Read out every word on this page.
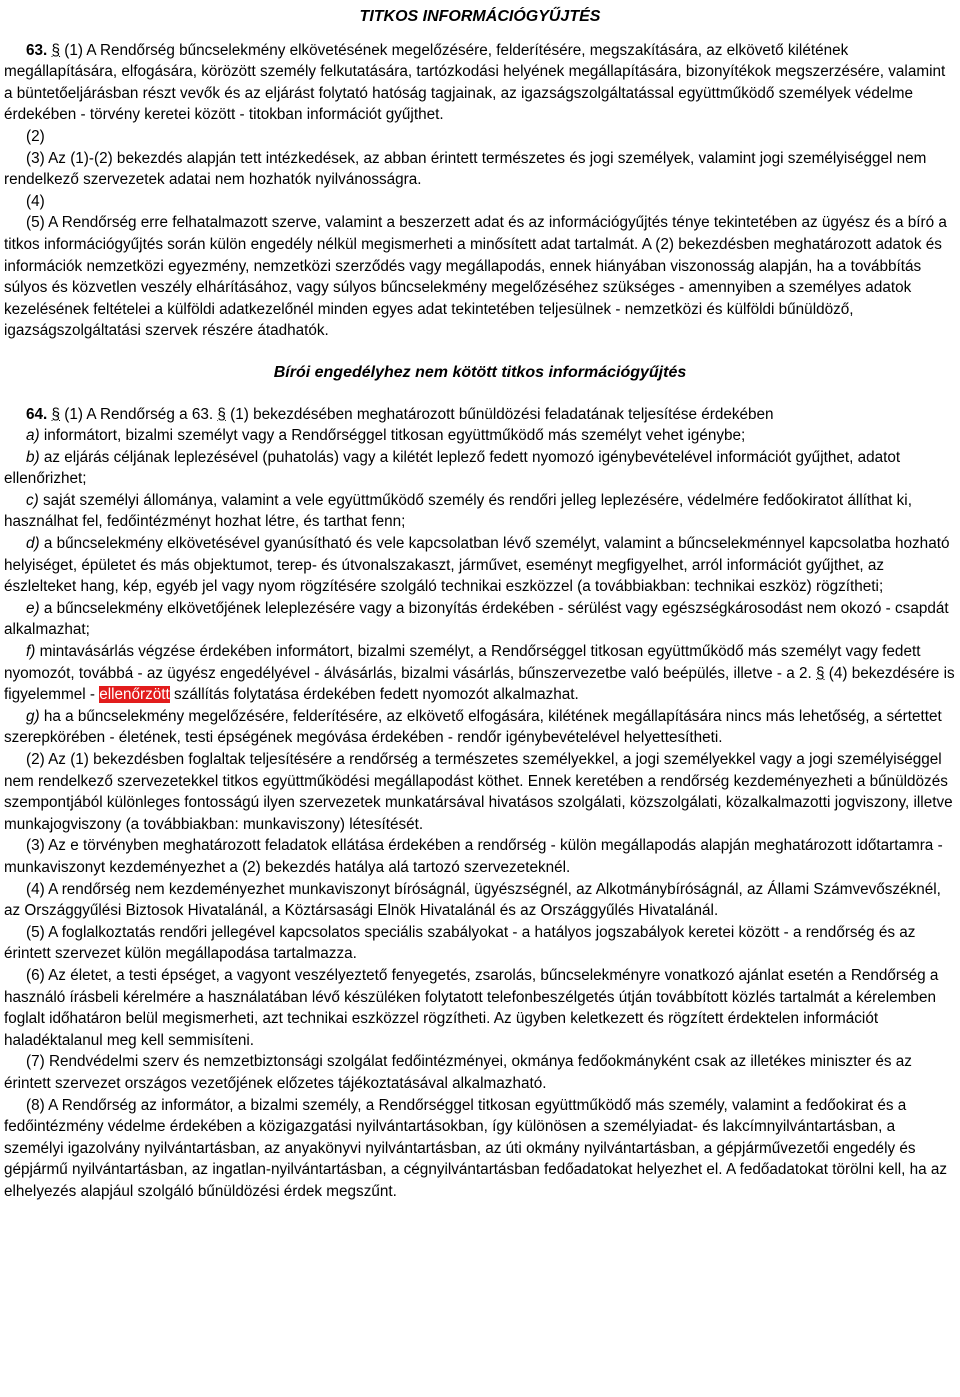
TITKOS INFORMÁCIÓGYŰJTÉS

63. § (1) A Rendőrség bűncselekmény elkövetésének megelőzésére, felderítésére, megszakítására, az elkövető kilétének megállapítására, elfogására, körözött személy felkutatására, tartózkodási helyének megállapítására, bizonyítékok megszerzésére, valamint a büntetőeljárásban részt vevők és az eljárást folytató hatóság tagjainak, az igazságszolgáltatással együttműködő személyek védelme érdekében - törvény keretei között - titokban információt gyűjthet.

(2)

(3) Az (1)-(2) bekezdés alapján tett intézkedések, az abban érintett természetes és jogi személyek, valamint jogi személyiséggel nem rendelkező szervezetek adatai nem hozhatók nyilvánosságra.

(4)

(5) A Rendőrség erre felhatalmazott szerve, valamint a beszerzett adat és az információgyűjtés ténye tekintetében az ügyész és a bíró a titkos információgyűjtés során külön engedély nélkül megismerheti a minősített adat tartalmát. A (2) bekezdésben meghatározott adatok és információk nemzetközi egyezmény, nemzetközi szerződés vagy megállapodás, ennek hiányában viszonosság alapján, ha a továbbítás súlyos és közvetlen veszély elhárításához, vagy súlyos bűncselekmény megelőzéséhez szükséges - amennyiben a személyes adatok kezelésének feltételei a külföldi adatkezelőnél minden egyes adat tekintetében teljesülnek - nemzetközi és külföldi bűnüldöző, igazságszolgáltatási szervek részére átadhatók.

Bírói engedélyhez nem kötött titkos információgyűjtés

64. § (1) A Rendőrség a 63. § (1) bekezdésében meghatározott bűnüldözési feladatának teljesítése érdekében

a) informátort, bizalmi személyt vagy a Rendőrséggel titkosan együttműködő más személyt vehet igénybe;

b) az eljárás céljának leplezésével (puhatolás) vagy a kilétét leplező fedett nyomozó igénybevételével információt gyűjthet, adatot ellenőrizhet;

c) saját személyi állománya, valamint a vele együttműködő személy és rendőri jelleg leplezésére, védelmére fedőokiratot állíthat ki, használhat fel, fedőintézményt hozhat létre, és tarthat fenn;

d) a bűncselekmény elkövetésével gyanúsítható és vele kapcsolatban lévő személyt, valamint a bűncselekménnyel kapcsolatba hozható helyiséget, épületet és más objektumot, terep- és útvonalszakaszt, járművet, eseményt megfigyelhet, arról információt gyűjthet, az észlelteket hang, kép, egyéb jel vagy nyom rögzítésére szolgáló technikai eszközzel (a továbbiakban: technikai eszköz) rögzítheti;

e) a bűncselekmény elkövetőjének leleplezésére vagy a bizonyítás érdekében - sérülést vagy egészségkárosodást nem okozó - csapdát alkalmazhat;

f) mintavásárlás végzése érdekében informátort, bizalmi személyt, a Rendőrséggel titkosan együttműködő más személyt vagy fedett nyomozót, továbbá - az ügyész engedélyével - álvásárlás, bizalmi vásárlás, bűnszervezetbe való beépülés, illetve - a 2. § (4) bekezdésére is figyelemmel - ellenőrzött szállítás folytatása érdekében fedett nyomozót alkalmazhat.

g) ha a bűncselekmény megelőzésére, felderítésére, az elkövető elfogására, kilétének megállapítására nincs más lehetőség, a sértettet szerepkörében - életének, testi épségének megóvása érdekében - rendőr igénybevételével helyettesítheti.

(2) Az (1) bekezdésben foglaltak teljesítésére a rendőrség a természetes személyekkel, a jogi személyekkel vagy a jogi személyiséggel nem rendelkező szervezetekkel titkos együttműködési megállapodást köthet. Ennek keretében a rendőrség kezdeményezheti a bűnüldözés szempontjából különleges fontosságú ilyen szervezetek munkatársával hivatásos szolgálati, közszolgálati, közalkalmazotti jogviszony, illetve munkajogviszony (a továbbiakban: munkaviszony) létesítését.

(3) Az e törvényben meghatározott feladatok ellátása érdekében a rendőrség - külön megállapodás alapján meghatározott időtartamra - munkaviszonyt kezdeményezhet a (2) bekezdés hatálya alá tartozó szervezeteknél.

(4) A rendőrség nem kezdeményezhet munkaviszonyt bíróságnál, ügyészségnél, az Alkotmánybíróságnál, az Állami Számvevőszéknél, az Országgyűlési Biztosok Hivatalánál, a Köztársasági Elnök Hivatalánál és az Országgyűlés Hivatalánál.

(5) A foglalkoztatás rendőri jellegével kapcsolatos speciális szabályokat - a hatályos jogszabályok keretei között - a rendőrség és az érintett szervezet külön megállapodása tartalmazza.

(6) Az életet, a testi épséget, a vagyont veszélyeztető fenyegetés, zsarolás, bűncselekményre vonatkozó ajánlat esetén a Rendőrség a használó írásbeli kérelmére a használatában lévő készüléken folytatott telefonbeszélgetés útján továbbított közlés tartalmát a kérelemben foglalt időhatáron belül megismerheti, azt technikai eszközzel rögzítheti. Az ügyben keletkezett és rögzített érdektelen információt haladéktalanul meg kell semmisíteni.

(7) Rendvédelmi szerv és nemzetbiztonsági szolgálat fedőintézményei, okmánya fedőokmányként csak az illetékes miniszter és az érintett szervezet országos vezetőjének előzetes tájékoztatásával alkalmazható.

(8) A Rendőrség az informátor, a bizalmi személy, a Rendőrséggel titkosan együttműködő más személy, valamint a fedőokirat és a fedőintézmény védelme érdekében a közigazgatási nyilvántartásokban, így különösen a személyiadat- és lakcímnyilvántartásban, a személyi igazolvány nyilvántartásban, az anyakönyvi nyilvántartásban, az úti okmány nyilvántartásban, a gépjárművezetői engedély és gépjármű nyilvántartásban, az ingatlan-nyilvántartásban, a cégnyilvántartásban fedőadatokat helyezhet el. A fedőadatokat törölni kell, ha az elhelyezés alapjául szolgáló bűnüldözési érdek megszűnt.
